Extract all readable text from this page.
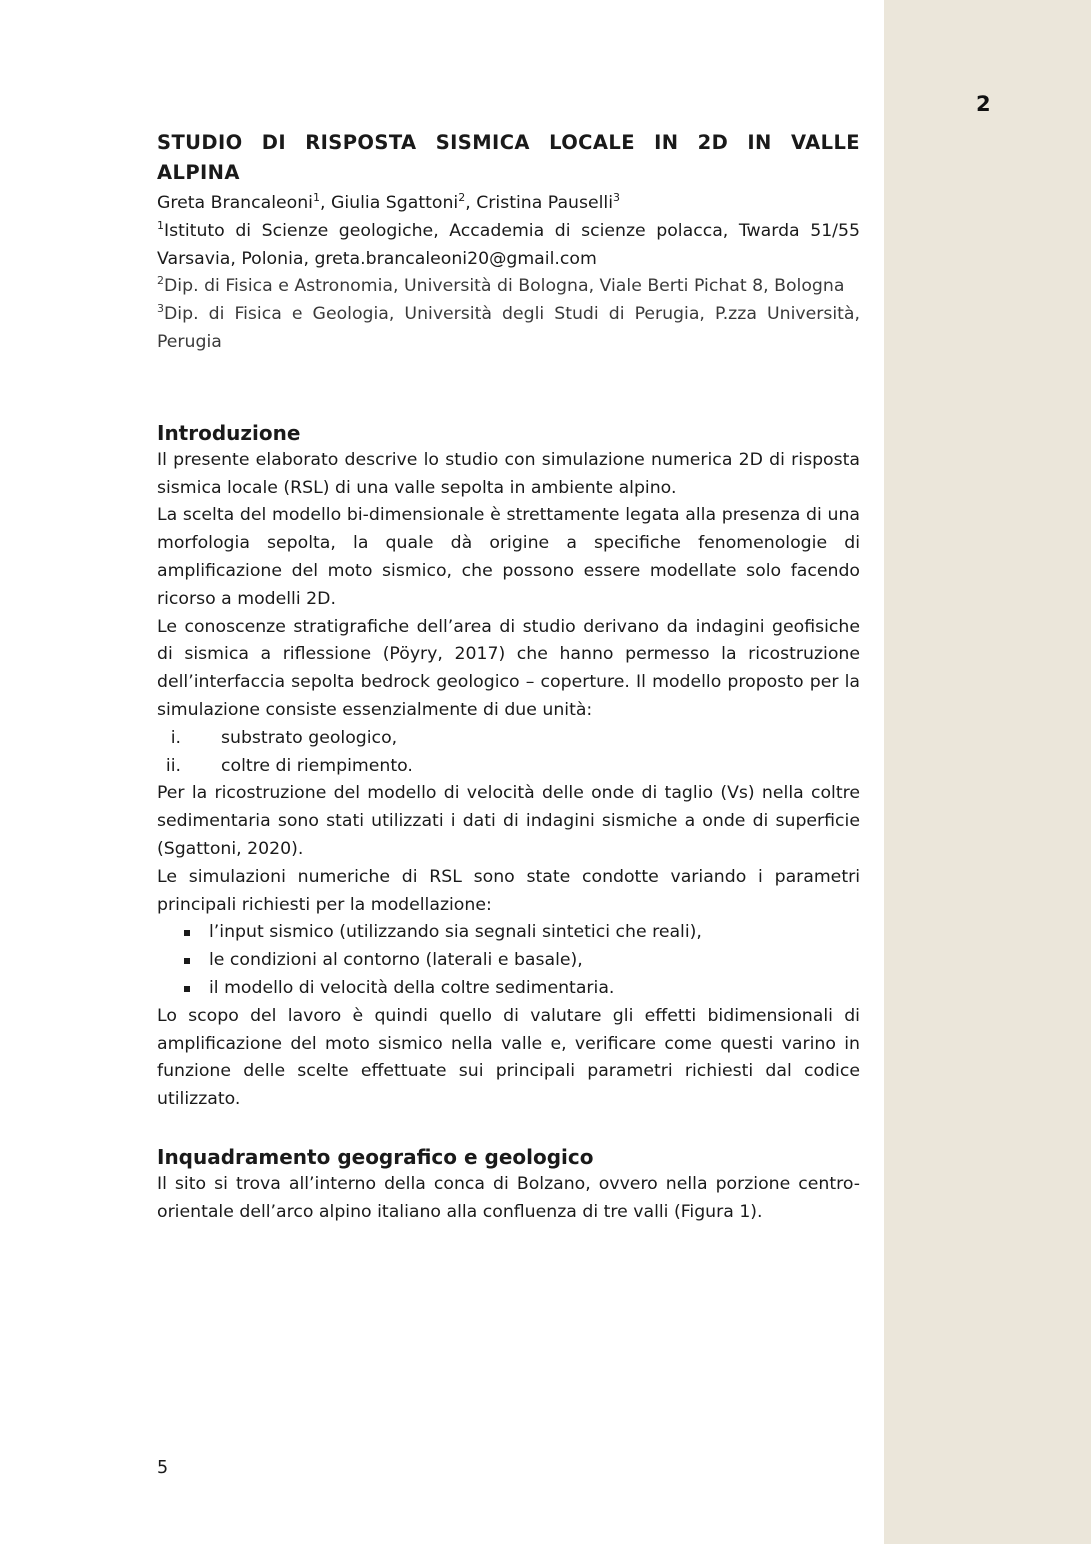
2
STUDIO DI RISPOSTA SISMICA LOCALE IN 2D IN VALLE
ALPINA

Greta Brancaleoni$^1$, Giulia Sgattoni$^2$, Cristina Pauselli$^3$

$^1$Istituto di Scienze geologiche, Accademia di scienze polacca, Twarda 51/55 Varsavia, Polonia, greta.brancaleoni20@gmail.com

$^2$Dip. di Fisica e Astronomia, Università di Bologna, Viale Berti Pichat 8, Bologna

$^3$Dip. di Fisica e Geologia, Università degli Studi di Perugia, P.zza Università, Perugia

Introduzione

Il presente elaborato descrive lo studio con simulazione numerica 2D di risposta sismica locale (RSL) di una valle sepolta in ambiente alpino.

La scelta del modello bi-dimensionale è strettamente legata alla presenza di una morfologia sepolta, la quale dà origine a specifiche fenomenologie di amplificazione del moto sismico, che possono essere modellate solo facendo ricorso a modelli 2D.

Le conoscenze stratigrafiche dell’area di studio derivano da indagini geofisiche di sismica a riflessione (Pöyry, 2017) che hanno permesso la ricostruzione dell’interfaccia sepolta bedrock geologico – coperture. Il modello proposto per la simulazione consiste essenzialmente di due unità:

i. substrato geologico,
ii. coltre di riempimento.

Per la ricostruzione del modello di velocità delle onde di taglio (Vs) nella coltre sedimentaria sono stati utilizzati i dati di indagini sismiche a onde di superficie (Sgattoni, 2020).

Le simulazioni numeriche di RSL sono state condotte variando i parametri principali richiesti per la modellazione:

l’input sismico (utilizzando sia segnali sintetici che reali),
le condizioni al contorno (laterali e basale),
il modello di velocità della coltre sedimentaria.

Lo scopo del lavoro è quindi quello di valutare gli effetti bidimensionali di amplificazione del moto sismico nella valle e, verificare come questi varino in funzione delle scelte effettuate sui principali parametri richiesti dal codice utilizzato.

Inquadramento geografico e geologico

Il sito si trova all’interno della conca di Bolzano, ovvero nella porzione centro-orientale dell’arco alpino italiano alla confluenza di tre valli (Figura 1).

5
